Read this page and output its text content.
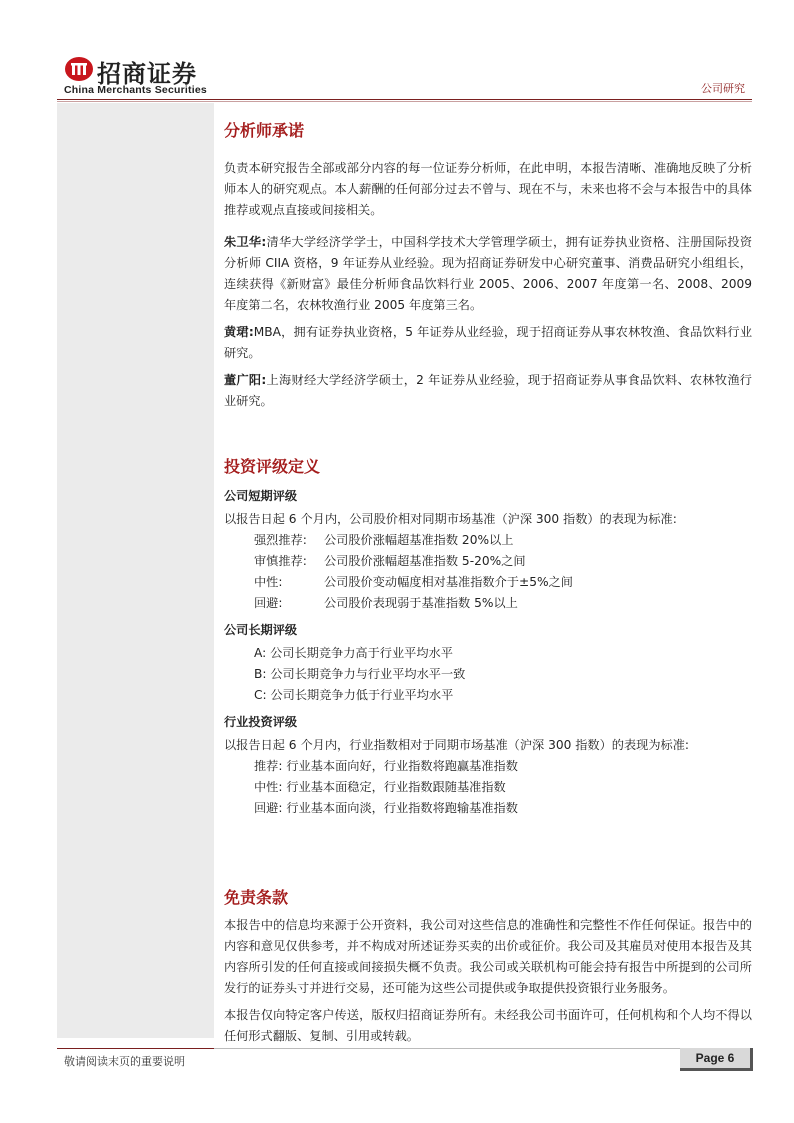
招商证券
China Merchants Securities	公司研究
分析师承诺

负责本研究报告全部或部分内容的每一位证券分析师，在此申明，本报告清晰、准确地反映了分析师本人的研究观点。本人薪酬的任何部分过去不曾与、现在不与，未来也将不会与本报告中的具体推荐或观点直接或间接相关。

朱卫华:清华大学经济学学士，中国科学技术大学管理学硕士，拥有证券执业资格、注册国际投资分析师 CIIA 资格，9 年证券从业经验。现为招商证券研发中心研究董事、消费品研究小组组长，连续获得《新财富》最佳分析师食品饮料行业 2005、2006、2007 年度第一名、2008、2009 年度第二名，农林牧渔行业 2005 年度第三名。

黄珺:MBA，拥有证券执业资格，5 年证券从业经验，现于招商证券从事农林牧渔、食品饮料行业研究。

董广阳:上海财经大学经济学硕士，2 年证券从业经验，现于招商证券从事食品饮料、农林牧渔行业研究。

投资评级定义

公司短期评级

以报告日起 6 个月内，公司股价相对同期市场基准（沪深 300 指数）的表现为标准:

强烈推荐:	公司股价涨幅超基准指数 20%以上
审慎推荐:	公司股价涨幅超基准指数 5-20%之间
中性:	公司股价变动幅度相对基准指数介于±5%之间
回避:	公司股价表现弱于基准指数 5%以上

公司长期评级

A: 公司长期竞争力高于行业平均水平
B: 公司长期竞争力与行业平均水平一致
C: 公司长期竞争力低于行业平均水平

行业投资评级

以报告日起 6 个月内，行业指数相对于同期市场基准（沪深 300 指数）的表现为标准:

推荐: 行业基本面向好，行业指数将跑赢基准指数
中性: 行业基本面稳定，行业指数跟随基准指数
回避: 行业基本面向淡，行业指数将跑输基准指数
免责条款

本报告中的信息均来源于公开资料，我公司对这些信息的准确性和完整性不作任何保证。报告中的内容和意见仅供参考，并不构成对所述证券买卖的出价或征价。我公司及其雇员对使用本报告及其内容所引发的任何直接或间接损失概不负责。我公司或关联机构可能会持有报告中所提到的公司所发行的证券头寸并进行交易，还可能为这些公司提供或争取提供投资银行业务服务。

本报告仅向特定客户传送，版权归招商证券所有。未经我公司书面许可，任何机构和个人均不得以任何形式翻版、复制、引用或转载。

敬请阅读末页的重要说明	Page 6
